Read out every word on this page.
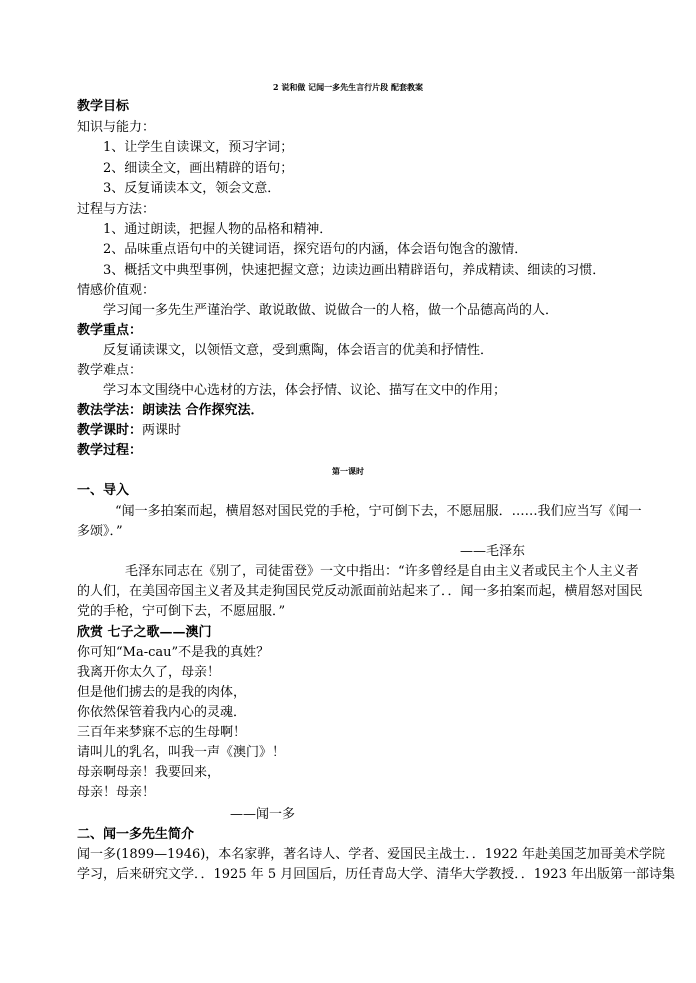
2 说和做 记闻一多先生言行片段 配套教案
教学目标
知识与能力：
1、让学生自读课文，预习字词；
2、细读全文，画出精辟的语句；
3、反复诵读本文，领会文意．
过程与方法：
1、通过朗读，把握人物的品格和精神．
2、品味重点语句中的关键词语，探究语句的内涵，体会语句饱含的激情．
3、概括文中典型事例，快速把握文意；边读边画出精辟语句，养成精读、细读的习惯．
情感价值观：
学习闻一多先生严谨治学、敢说敢做、说做合一的人格，做一个品德高尚的人．
教学重点：
反复诵读课文，以领悟文意，受到熏陶，体会语言的优美和抒情性．
教学难点：
学习本文围绕中心选材的方法，体会抒情、议论、描写在文中的作用；
教法学法：朗读法 合作探究法．
教学课时：两课时
教学过程：
第一课时
一、导入
“闻一多拍案而起，横眉怒对国民党的手枪，宁可倒下去，不愿屈服．……我们应当写《闻一
多颂》．”
——毛泽东
毛泽东同志在《别了，司徒雷登》一文中指出：“许多曾经是自由主义者或民主个人主义者
的人们，在美国帝国主义者及其走狗国民党反动派面前站起来了．．闻一多拍案而起，横眉怒对国民
党的手枪，宁可倒下去，不愿屈服．”
欣赏 七子之歌——澳门
你可知“Ma-cau”不是我的真姓？
我离开你太久了，母亲！
但是他们掳去的是我的肉体，
你依然保管着我内心的灵魂．
三百年来梦寐不忘的生母啊！
请叫儿的乳名，叫我一声《澳门》！
母亲啊母亲！我要回来，
母亲！母亲！
——闻一多
二、闻一多先生简介
闻一多(1899—1946)，本名家骅，著名诗人、学者、爱国民主战士．．1922 年赴美国芝加哥美术学院
学习，后来研究文学．．1925 年 5 月回国后，历任青岛大学、清华大学教授．．1923 年出版第一部诗集
